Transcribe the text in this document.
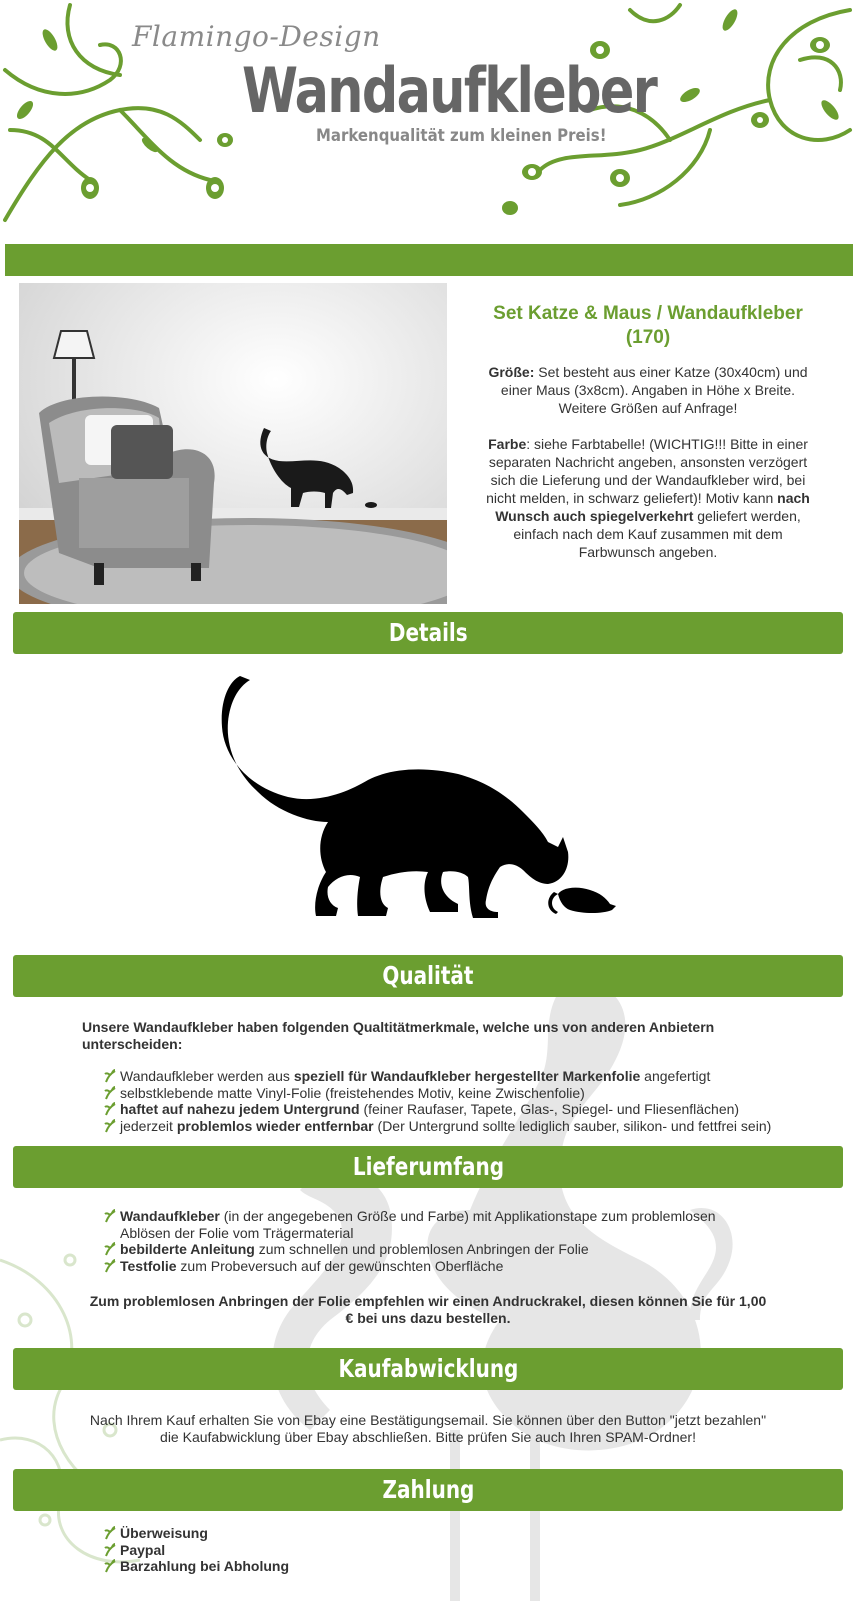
Flamingo-Design
Wandaufkleber
Markenqualität zum kleinen Preis!
Set Katze & Maus / Wandaufkleber (170)
Größe: Set besteht aus einer Katze (30x40cm) und einer Maus (3x8cm). Angaben in Höhe x Breite. Weitere Größen auf Anfrage!

Farbe: siehe Farbtabelle! (WICHTIG!!! Bitte in einer separaten Nachricht angeben, ansonsten verzögert sich die Lieferung und der Wandaufkleber wird, bei nicht melden, in schwarz geliefert)! Motiv kann nach Wunsch auch spiegelverkehrt geliefert werden, einfach nach dem Kauf zusammen mit dem Farbwunsch angeben.
Details
Qualität
Unsere Wandaufkleber haben folgenden Qualtitätmerkmale, welche uns von anderen Anbietern unterscheiden:
Wandaufkleber werden aus speziell für Wandaufkleber hergestellter Markenfolie angefertigt
selbstklebende matte Vinyl-Folie (freistehendes Motiv, keine Zwischenfolie)
haftet auf nahezu jedem Untergrund (feiner Raufaser, Tapete, Glas-, Spiegel- und Fliesenflächen)
jederzeit problemlos wieder entfernbar (Der Untergrund sollte lediglich sauber, silikon- und fettfrei sein)
Lieferumfang
Wandaufkleber (in der angegebenen Größe und Farbe) mit Applikationstape zum problemlosen Ablösen der Folie vom Trägermaterial
bebilderte Anleitung zum schnellen und problemlosen Anbringen der Folie
Testfolie zum Probeversuch auf der gewünschten Oberfläche
Zum problemlosen Anbringen der Folie empfehlen wir einen Andruckrakel, diesen können Sie für 1,00 € bei uns dazu bestellen.
Kaufabwicklung
Nach Ihrem Kauf erhalten Sie von Ebay eine Bestätigungsemail. Sie können über den Button "jetzt bezahlen" die Kaufabwicklung über Ebay abschließen. Bitte prüfen Sie auch Ihren SPAM-Ordner!
Zahlung
Überweisung
Paypal
Barzahlung bei Abholung
